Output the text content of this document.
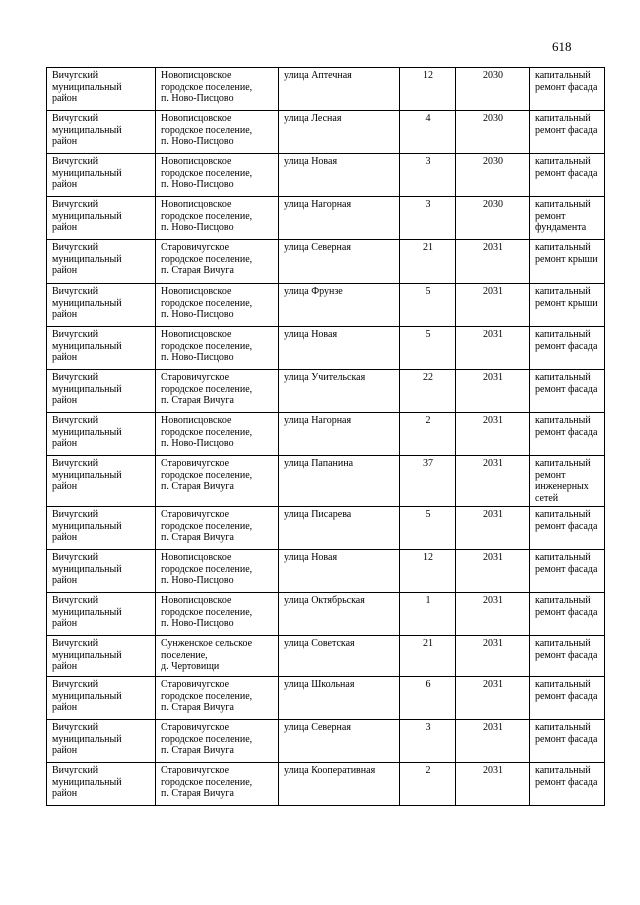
618
Вичугский
муниципальный
район	Новописцовское
городское поселение,
п. Ново-Писцово	улица Аптечная	12	2030	капитальный
ремонт фасада

Вичугский
муниципальный
район	Новописцовское
городское поселение,
п. Ново-Писцово	улица Лесная	4	2030	капитальный
ремонт фасада

Вичугский
муниципальный
район	Новописцовское
городское поселение,
п. Ново-Писцово	улица Новая	3	2030	капитальный
ремонт фасада

Вичугский
муниципальный
район	Новописцовское
городское поселение,
п. Ново-Писцово	улица Нагорная	3	2030	капитальный
ремонт
фундамента

Вичугский
муниципальный
район	Старовичугское
городское поселение,
п. Старая Вичуга	улица Северная	21	2031	капитальный
ремонт крыши

Вичугский
муниципальный
район	Новописцовское
городское поселение,
п. Ново-Писцово	улица Фрунзе	5	2031	капитальный
ремонт крыши

Вичугский
муниципальный
район	Новописцовское
городское поселение,
п. Ново-Писцово	улица Новая	5	2031	капитальный
ремонт фасада

Вичугский
муниципальный
район	Старовичугское
городское поселение,
п. Старая Вичуга	улица Учительская	22	2031	капитальный
ремонт фасада

Вичугский
муниципальный
район	Новописцовское
городское поселение,
п. Ново-Писцово	улица Нагорная	2	2031	капитальный
ремонт фасада

Вичугский
муниципальный
район	Старовичугское
городское поселение,
п. Старая Вичуга	улица Папанина	37	2031	капитальный
ремонт
инженерных
сетей

Вичугский
муниципальный
район	Старовичугское
городское поселение,
п. Старая Вичуга	улица Писарева	5	2031	капитальный
ремонт фасада

Вичугский
муниципальный
район	Новописцовское
городское поселение,
п. Ново-Писцово	улица Новая	12	2031	капитальный
ремонт фасада

Вичугский
муниципальный
район	Новописцовское
городское поселение,
п. Ново-Писцово	улица Октябрьская	1	2031	капитальный
ремонт фасада

Вичугский
муниципальный
район	Сунженское сельское
поселение,
д. Чертовищи	улица Советская	21	2031	капитальный
ремонт фасада

Вичугский
муниципальный
район	Старовичугское
городское поселение,
п. Старая Вичуга	улица Школьная	6	2031	капитальный
ремонт фасада

Вичугский
муниципальный
район	Старовичугское
городское поселение,
п. Старая Вичуга	улица Северная	3	2031	капитальный
ремонт фасада

Вичугский
муниципальный
район	Старовичугское
городское поселение,
п. Старая Вичуга	улица Кооперативная	2	2031	капитальный
ремонт фасада
